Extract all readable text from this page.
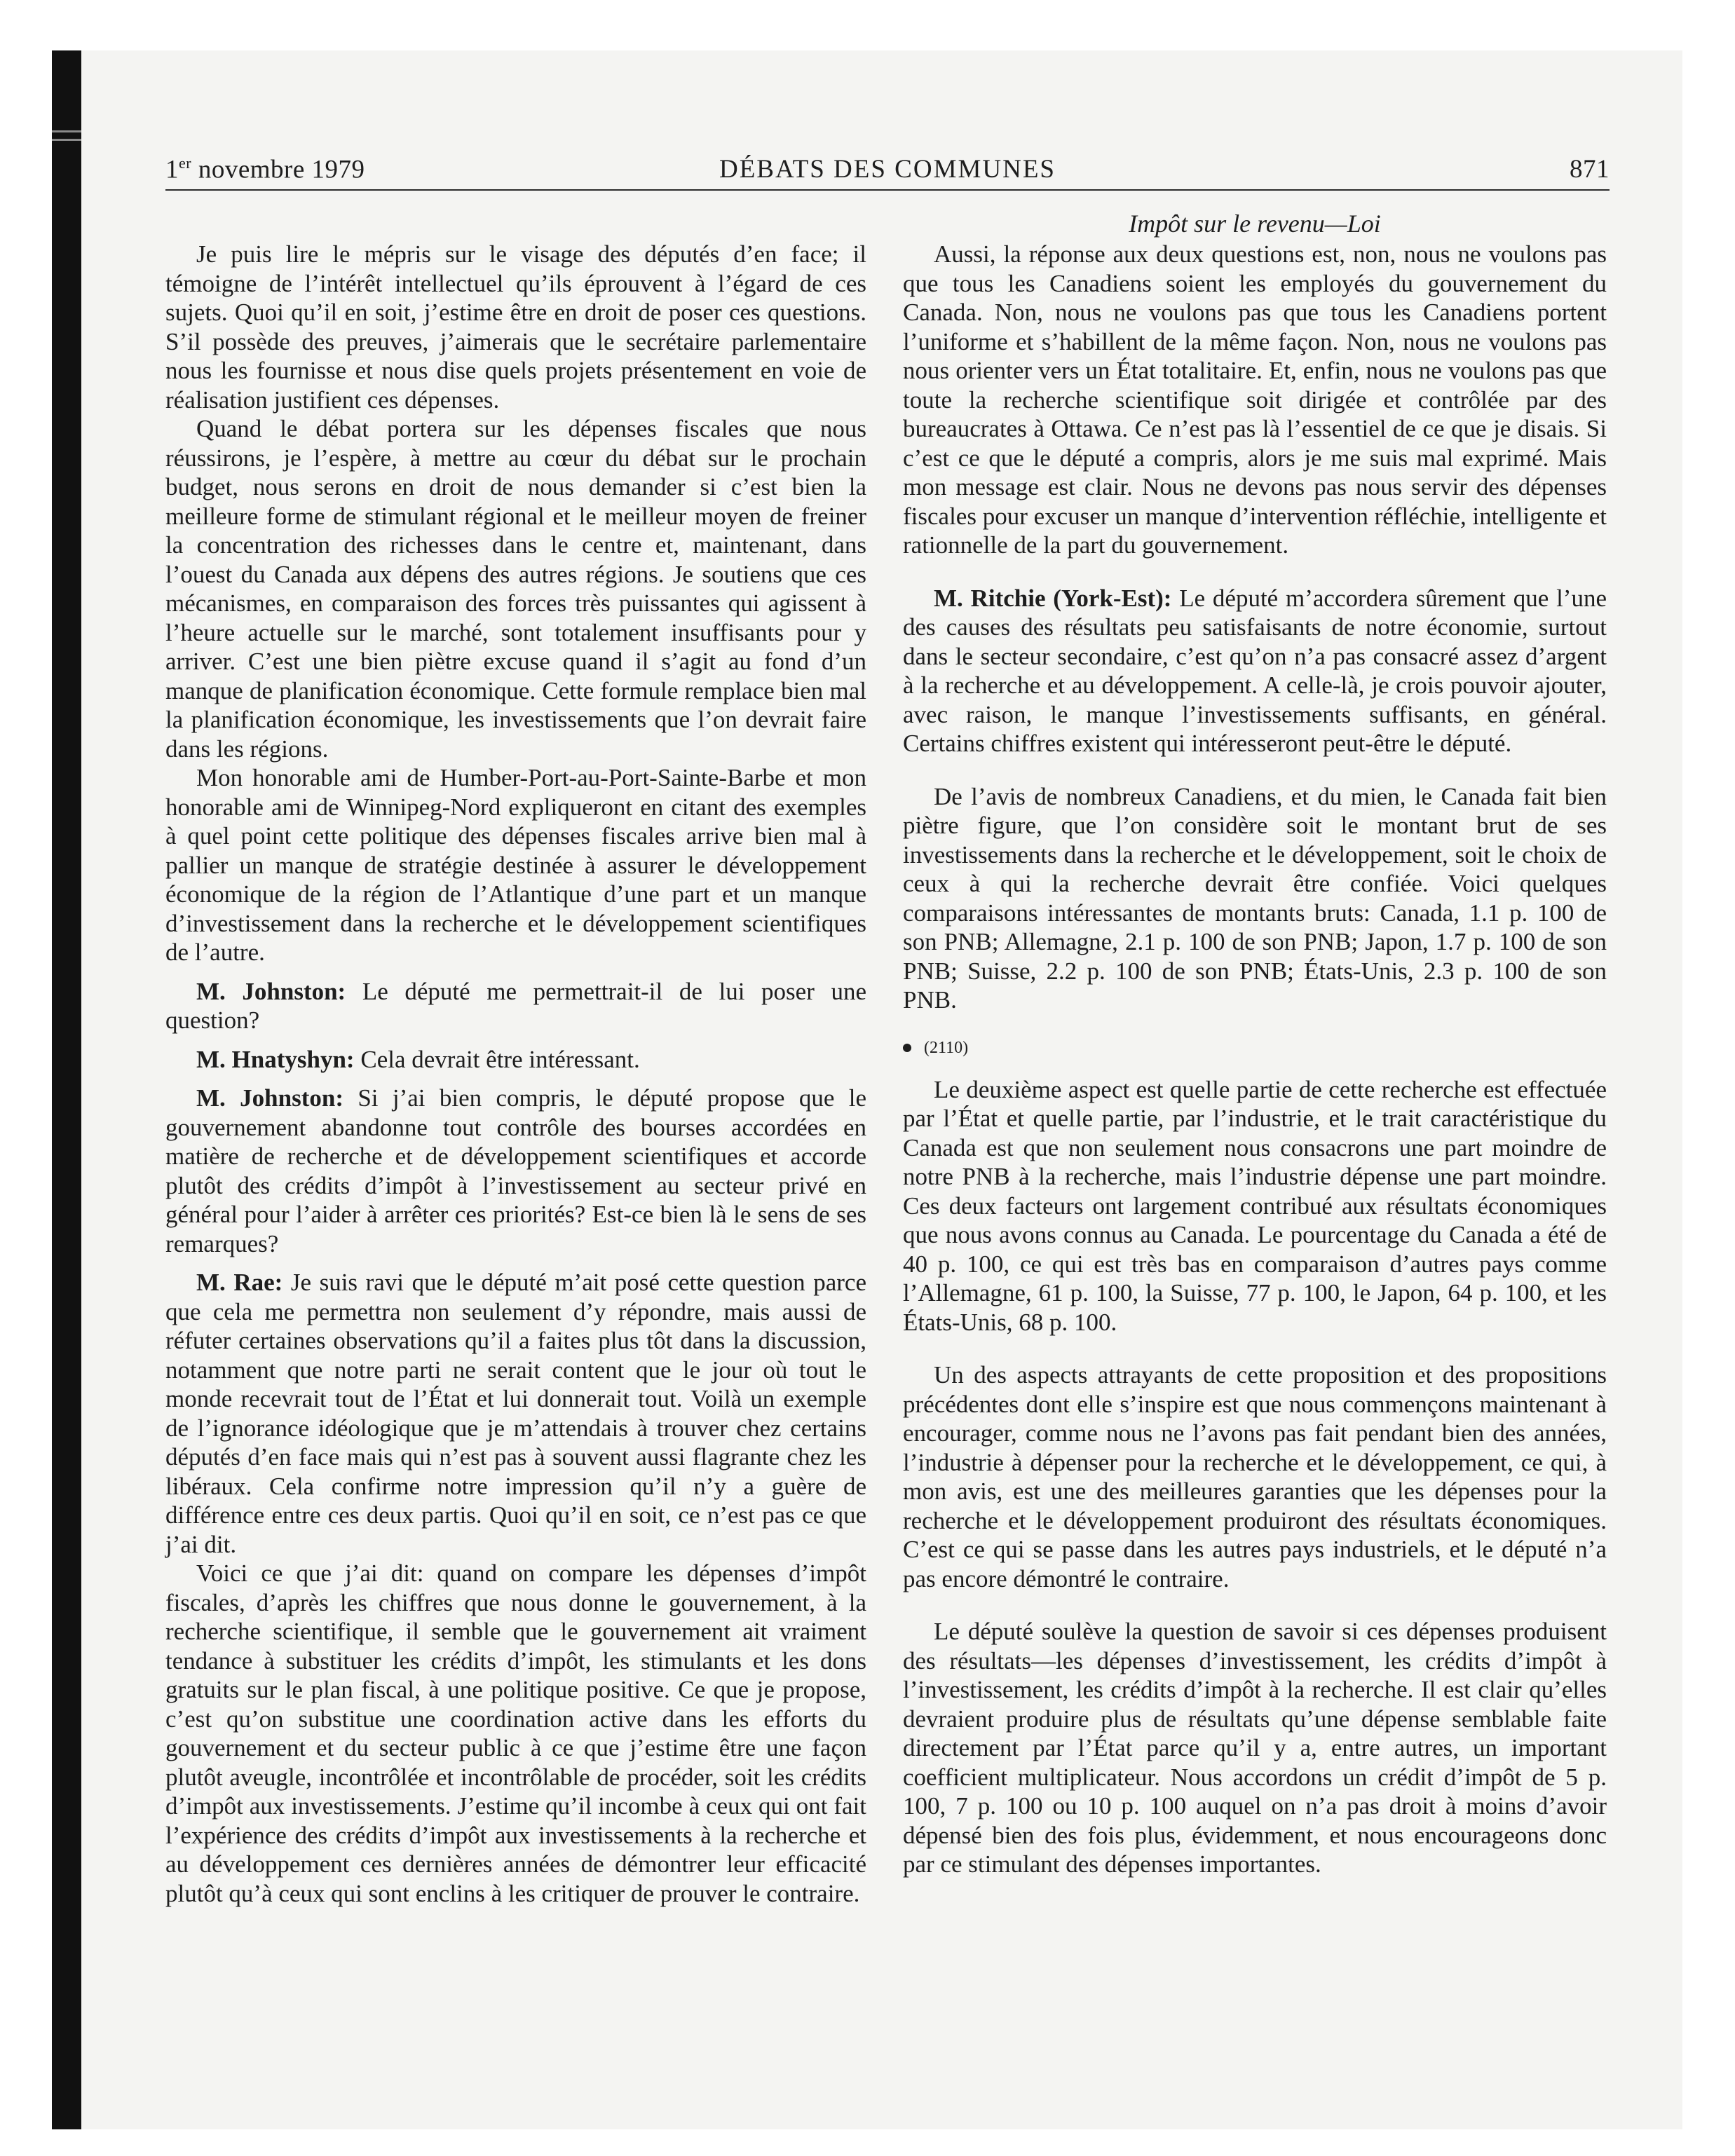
1er novembre 1979	DÉBATS DES COMMUNES	871

Je puis lire le mépris sur le visage des députés d’en face; il témoigne de l’intérêt intellectuel qu’ils éprouvent à l’égard de ces sujets. Quoi qu’il en soit, j’estime être en droit de poser ces questions. S’il possède des preuves, j’aimerais que le secrétaire parlementaire nous les fournisse et nous dise quels projets présentement en voie de réalisation justifient ces dépenses.

Quand le débat portera sur les dépenses fiscales que nous réussirons, je l’espère, à mettre au cœur du débat sur le prochain budget, nous serons en droit de nous demander si c’est bien la meilleure forme de stimulant régional et le meilleur moyen de freiner la concentration des richesses dans le centre et, maintenant, dans l’ouest du Canada aux dépens des autres régions. Je soutiens que ces mécanismes, en comparaison des forces très puissantes qui agissent à l’heure actuelle sur le marché, sont totalement insuffisants pour y arriver. C’est une bien piètre excuse quand il s’agit au fond d’un manque de planification économique. Cette formule remplace bien mal la planification économique, les investissements que l’on devrait faire dans les régions.

Mon honorable ami de Humber-Port-au-Port-Sainte-Barbe et mon honorable ami de Winnipeg-Nord expliqueront en citant des exemples à quel point cette politique des dépenses fiscales arrive bien mal à pallier un manque de stratégie destinée à assurer le développement économique de la région de l’Atlantique d’une part et un manque d’investissement dans la recherche et le développement scientifiques de l’autre.

M. Johnston: Le député me permettrait-il de lui poser une question?

M. Hnatyshyn: Cela devrait être intéressant.

M. Johnston: Si j’ai bien compris, le député propose que le gouvernement abandonne tout contrôle des bourses accordées en matière de recherche et de développement scientifiques et accorde plutôt des crédits d’impôt à l’investissement au secteur privé en général pour l’aider à arrêter ces priorités? Est-ce bien là le sens de ses remarques?

M. Rae: Je suis ravi que le député m’ait posé cette question parce que cela me permettra non seulement d’y répondre, mais aussi de réfuter certaines observations qu’il a faites plus tôt dans la discussion, notamment que notre parti ne serait content que le jour où tout le monde recevrait tout de l’État et lui donnerait tout. Voilà un exemple de l’ignorance idéologique que je m’attendais à trouver chez certains députés d’en face mais qui n’est pas à souvent aussi flagrante chez les libéraux. Cela confirme notre impression qu’il n’y a guère de différence entre ces deux partis. Quoi qu’il en soit, ce n’est pas ce que j’ai dit.

Voici ce que j’ai dit: quand on compare les dépenses d’impôt fiscales, d’après les chiffres que nous donne le gouvernement, à la recherche scientifique, il semble que le gouvernement ait vraiment tendance à substituer les crédits d’impôt, les stimulants et les dons gratuits sur le plan fiscal, à une politique positive. Ce que je propose, c’est qu’on substitue une coordination active dans les efforts du gouvernement et du secteur public à ce que j’estime être une façon plutôt aveugle, incontrôlée et incontrôlable de procéder, soit les crédits d’impôt aux investissements. J’estime qu’il incombe à ceux qui ont fait l’expérience des crédits d’impôt aux investissements à la recherche et au développement ces dernières années de démontrer leur efficacité plutôt qu’à ceux qui sont enclins à les critiquer de prouver le contraire.

Impôt sur le revenu—Loi

Aussi, la réponse aux deux questions est, non, nous ne voulons pas que tous les Canadiens soient les employés du gouvernement du Canada. Non, nous ne voulons pas que tous les Canadiens portent l’uniforme et s’habillent de la même façon. Non, nous ne voulons pas nous orienter vers un État totalitaire. Et, enfin, nous ne voulons pas que toute la recherche scientifique soit dirigée et contrôlée par des bureaucrates à Ottawa. Ce n’est pas là l’essentiel de ce que je disais. Si c’est ce que le député a compris, alors je me suis mal exprimé. Mais mon message est clair. Nous ne devons pas nous servir des dépenses fiscales pour excuser un manque d’intervention réfléchie, intelligente et rationnelle de la part du gouvernement.

M. Ritchie (York-Est): Le député m’accordera sûrement que l’une des causes des résultats peu satisfaisants de notre économie, surtout dans le secteur secondaire, c’est qu’on n’a pas consacré assez d’argent à la recherche et au développement. A celle-là, je crois pouvoir ajouter, avec raison, le manque l’investissements suffisants, en général. Certains chiffres existent qui intéresseront peut-être le député.

De l’avis de nombreux Canadiens, et du mien, le Canada fait bien piètre figure, que l’on considère soit le montant brut de ses investissements dans la recherche et le développement, soit le choix de ceux à qui la recherche devrait être confiée. Voici quelques comparaisons intéressantes de montants bruts: Canada, 1.1 p. 100 de son PNB; Allemagne, 2.1 p. 100 de son PNB; Japon, 1.7 p. 100 de son PNB; Suisse, 2.2 p. 100 de son PNB; États-Unis, 2.3 p. 100 de son PNB.

(2110)

Le deuxième aspect est quelle partie de cette recherche est effectuée par l’État et quelle partie, par l’industrie, et le trait caractéristique du Canada est que non seulement nous consacrons une part moindre de notre PNB à la recherche, mais l’industrie dépense une part moindre. Ces deux facteurs ont largement contribué aux résultats économiques que nous avons connus au Canada. Le pourcentage du Canada a été de 40 p. 100, ce qui est très bas en comparaison d’autres pays comme l’Allemagne, 61 p. 100, la Suisse, 77 p. 100, le Japon, 64 p. 100, et les États-Unis, 68 p. 100.

Un des aspects attrayants de cette proposition et des propositions précédentes dont elle s’inspire est que nous commençons maintenant à encourager, comme nous ne l’avons pas fait pendant bien des années, l’industrie à dépenser pour la recherche et le développement, ce qui, à mon avis, est une des meilleures garanties que les dépenses pour la recherche et le développement produiront des résultats économiques. C’est ce qui se passe dans les autres pays industriels, et le député n’a pas encore démontré le contraire.

Le député soulève la question de savoir si ces dépenses produisent des résultats—les dépenses d’investissement, les crédits d’impôt à l’investissement, les crédits d’impôt à la recherche. Il est clair qu’elles devraient produire plus de résultats qu’une dépense semblable faite directement par l’État parce qu’il y a, entre autres, un important coefficient multiplicateur. Nous accordons un crédit d’impôt de 5 p. 100, 7 p. 100 ou 10 p. 100 auquel on n’a pas droit à moins d’avoir dépensé bien des fois plus, évidemment, et nous encourageons donc par ce stimulant des dépenses importantes.
